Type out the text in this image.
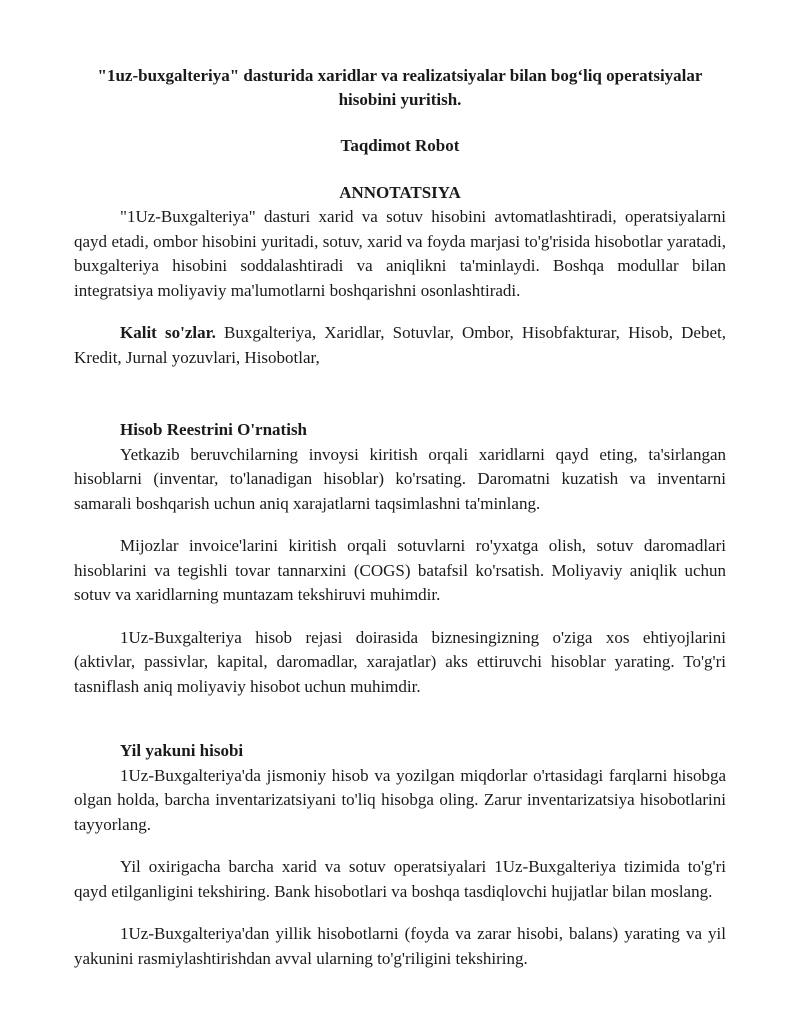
"1uz-buxgalteriya" dasturida xaridlar va realizatsiyalar bilan bog‘liq operatsiyalar hisobini yuritish.
Taqdimot Robot
ANNOTATSIYA

"1Uz-Buxgalteriya" dasturi xarid va sotuv hisobini avtomatlashtiradi, operatsiyalarni qayd etadi, ombor hisobini yuritadi, sotuv, xarid va foyda marjasi to'g'risida hisobotlar yaratadi, buxgalteriya hisobini soddalashtiradi va aniqlikni ta'minlaydi. Boshqa modullar bilan integratsiya moliyaviy ma'lumotlarni boshqarishni osonlashtiradi.

Kalit so'zlar. Buxgalteriya, Xaridlar, Sotuvlar, Ombor, Hisobfakturar, Hisob, Debet, Kredit, Jurnal yozuvlari, Hisobotlar,

Hisob Reestrini O'rnatish

Yetkazib beruvchilarning invoysi kiritish orqali xaridlarni qayd eting, ta'sirlangan hisoblarni (inventar, to'lanadigan hisoblar) ko'rsating. Daromatni kuzatish va inventarni samarali boshqarish uchun aniq xarajatlarni taqsimlashni ta'minlang.

Mijozlar invoice'larini kiritish orqali sotuvlarni ro'yxatga olish, sotuv daromadlari hisoblarini va tegishli tovar tannarxini (COGS) batafsil ko'rsatish. Moliyaviy aniqlik uchun sotuv va xaridlarning muntazam tekshiruvi muhimdir.

1Uz-Buxgalteriya hisob rejasi doirasida biznesingizning o'ziga xos ehtiyojlarini (aktivlar, passivlar, kapital, daromadlar, xarajatlar) aks ettiruvchi hisoblar yarating. To'g'ri tasniflash aniq moliyaviy hisobot uchun muhimdir.

Yil yakuni hisobi

1Uz-Buxgalteriya'da jismoniy hisob va yozilgan miqdorlar o'rtasidagi farqlarni hisobga olgan holda, barcha inventarizatsiyani to'liq hisobga oling. Zarur inventarizatsiya hisobotlarini tayyorlang.

Yil oxirigacha barcha xarid va sotuv operatsiyalari 1Uz-Buxgalteriya tizimida to'g'ri qayd etilganligini tekshiring. Bank hisobotlari va boshqa tasdiqlovchi hujjatlar bilan moslang.

1Uz-Buxgalteriya'dan yillik hisobotlarni (foyda va zarar hisobi, balans) yarating va yil yakunini rasmiylashtirishdan avval ularning to'g'riligini tekshiring.
